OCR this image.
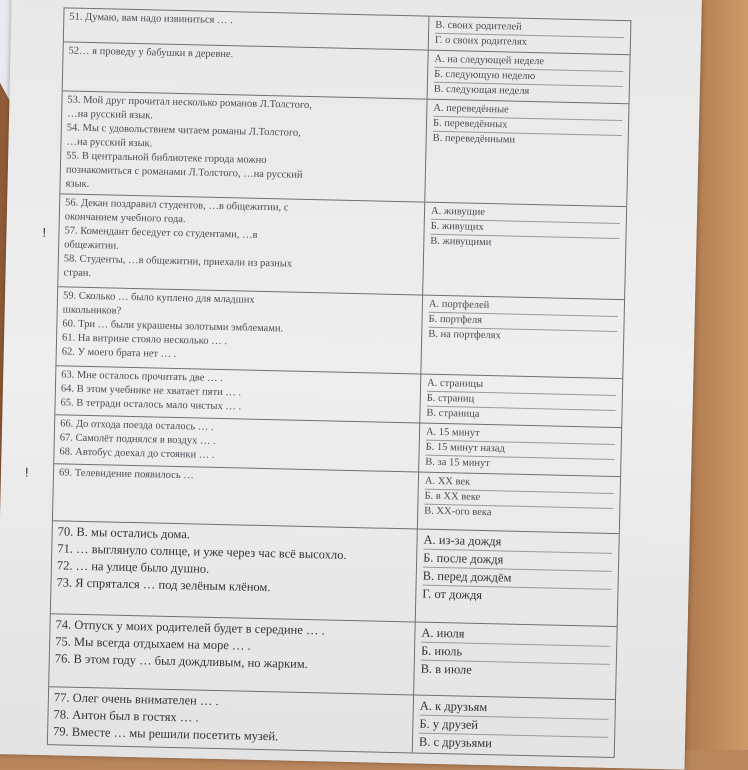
51. Думаю, вам надо извиниться … .
В. своих родителей
Г. о своих родителях
52… я проведу у бабушки в деревне.
А. на следующей неделе
Б. следующую неделю
В. следующая неделя
53. Мой друг прочитал несколько романов Л.Толстого,
…на русский язык.
54. Мы с удовольствием читаем романы Л.Толстого,
…на русский язык.
55. В центральной библиотеке города можно
познакомиться с романами Л.Толстого, …на русский
язык.
А. переведённые
Б. переведённых
В. переведёнными
56. Декан поздравил студентов, …в общежитии, с
окончанием учебного года.
57. Комендант беседует со студентами, …в
общежитии.
58. Студенты, …в общежитии, приехали из разных
стран.
А. живущие
Б. живущих
В. живущими
59. Сколько … было куплено для младших
школьников?
60. Три … были украшены золотыми эмблемами.
61. На витрине стояло несколько … .
62. У моего брата нет … .
А. портфелей
Б. портфеля
В. на портфелях
63. Мне осталось прочитать две … .
64. В этом учебнике не хватает пяти … .
65. В тетради осталось мало чистых … .
А. страницы
Б. страниц
В. страница
66. До отхода поезда осталось … .
67. Самолёт поднялся в воздух … .
68. Автобус доехал до стоянки … .
А. 15 минут
Б. 15 минут назад
В. за 15 минут
69. Телевидение появилось …
А. XX век
Б. в XX веке
В. XX-ого века
70. В. мы остались дома.
71. … выглянуло солнце, и уже через час всё высохло.
72. … на улице было душно.
73. Я спрятался … под зелёным клёном.
А. из-за дождя
Б. после дождя
В. перед дождём
Г. от дождя
74. Отпуск у моих родителей будет в середине … .
75. Мы всегда отдыхаем на море … .
76. В этом году … был дождливым, но жарким.
А. июля
Б. июль
В. в июле
77. Олег очень внимателен … .
78. Антон был в гостях … .
79. Вместе … мы решили посетить музей.
А. к друзьям
Б. у друзей
В. с друзьями
!
!
